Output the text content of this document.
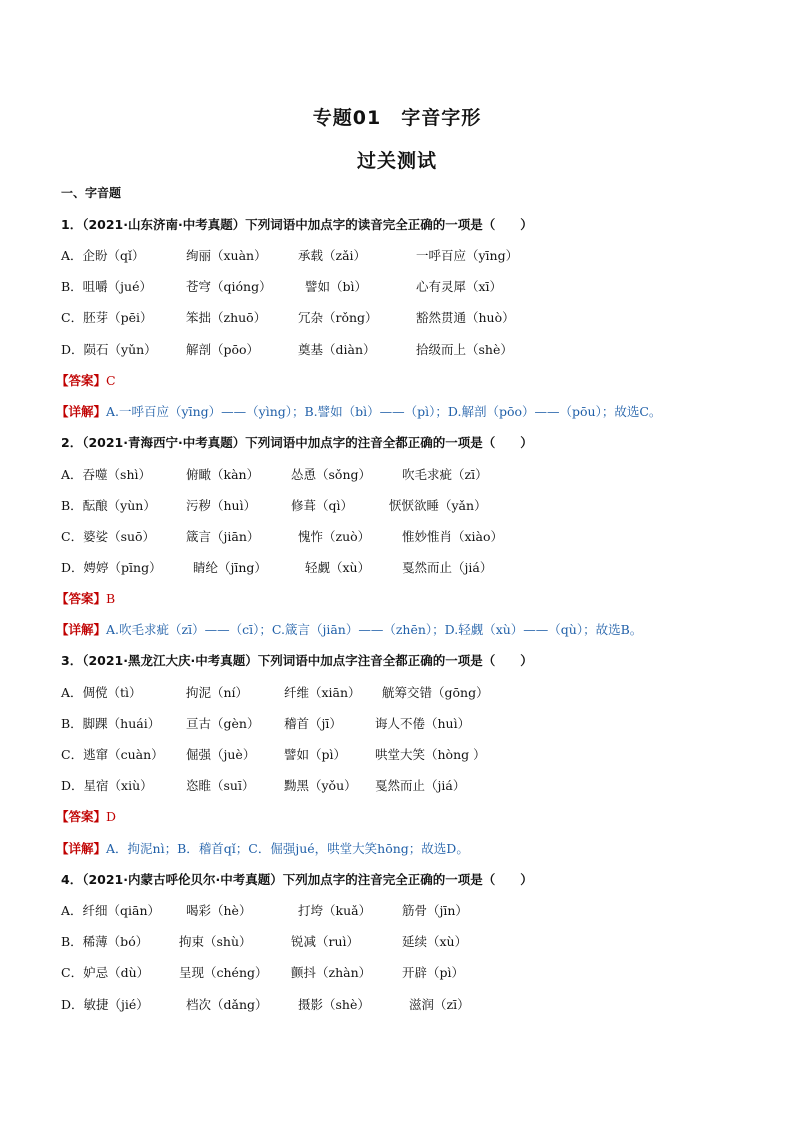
专题01　字音字形
过关测试
一、字音题
1．（2021·山东济南·中考真题）下列词语中加点字的读音完全正确的一项是（　　）
A．企盼（qǐ）	绚丽（xuàn）	承载（zǎi）	一呼百应（yīng）
B．咀嚼（jué）	苍穹（qióng）	譬如（bì）	心有灵犀（xī）
C．胚芽（pēi）	笨拙（zhuō）	冗杂（rǒng）	豁然贯通（huò）
D．陨石（yǔn） 解剖（pōo）	奠基（diàn）	拾级而上（shè）
【答案】C
【详解】A.一呼百应（yīng）——（yìng）；B.譬如（bì）——（pì）；D.解剖（pōo）——（pōu）；故选C。
2．（2021·青海西宁·中考真题）下列词语中加点字的注音全都正确的一项是（　　）
A．吞噬（shì）	俯瞰（kàn）	怂恿（sǒng） 吹毛求疵（zī）
B．酝酿（yùn） 污秽（huì）	修葺（qì）	恹恹欲睡（yǎn）
C．婆娑（suō） 箴言（jiān）	愧怍（zuò）	惟妙惟肖（xiào）
D．娉婷（pīng）	睛纶（jīng）	轻觑（xù）	戛然而止（jiá）
【答案】B
【详解】A.吹毛求疵（zī）——（cī）；C.箴言（jiān）——（zhēn）；D.轻觑（xù）——（qù）；故选B。
3．（2021·黑龙江大庆·中考真题）下列词语中加点字注音全都正确的一项是（　　）
A．倜傥（tì）	拘泥（ní）	纤维（xiān） 觥筹交错（gōng）
B．脚踝（huái） 亘古（gèn） 稽首（jī）	诲人不倦（huì）
C．逃窜（cuàn） 倔强（juè） 譬如（pì） 哄堂大笑（hòng ）
D．星宿（xiù）	恣睢（suī） 黝黑（yǒu） 戛然而止（jiá）
【答案】D
【详解】A．拘泥nì；B．稽首qǐ；C．倔强jué，哄堂大笑hōng；故选D。
4．（2021·内蒙古呼伦贝尔·中考真题）下列加点字的注音完全正确的一项是（　　）
A．纤细（qiān） 喝彩（hè）	打垮（kuǎ） 筋骨（jīn）
B．稀薄（bó） 拘束（shù）	锐减（ruì）	延续（xù）
C．妒忌（dù） 呈现（chéng） 颤抖（zhàn） 开辟（pì）
D．敏捷（jié）	档次（dǎng） 摄影（shè）	滋润（zī）
